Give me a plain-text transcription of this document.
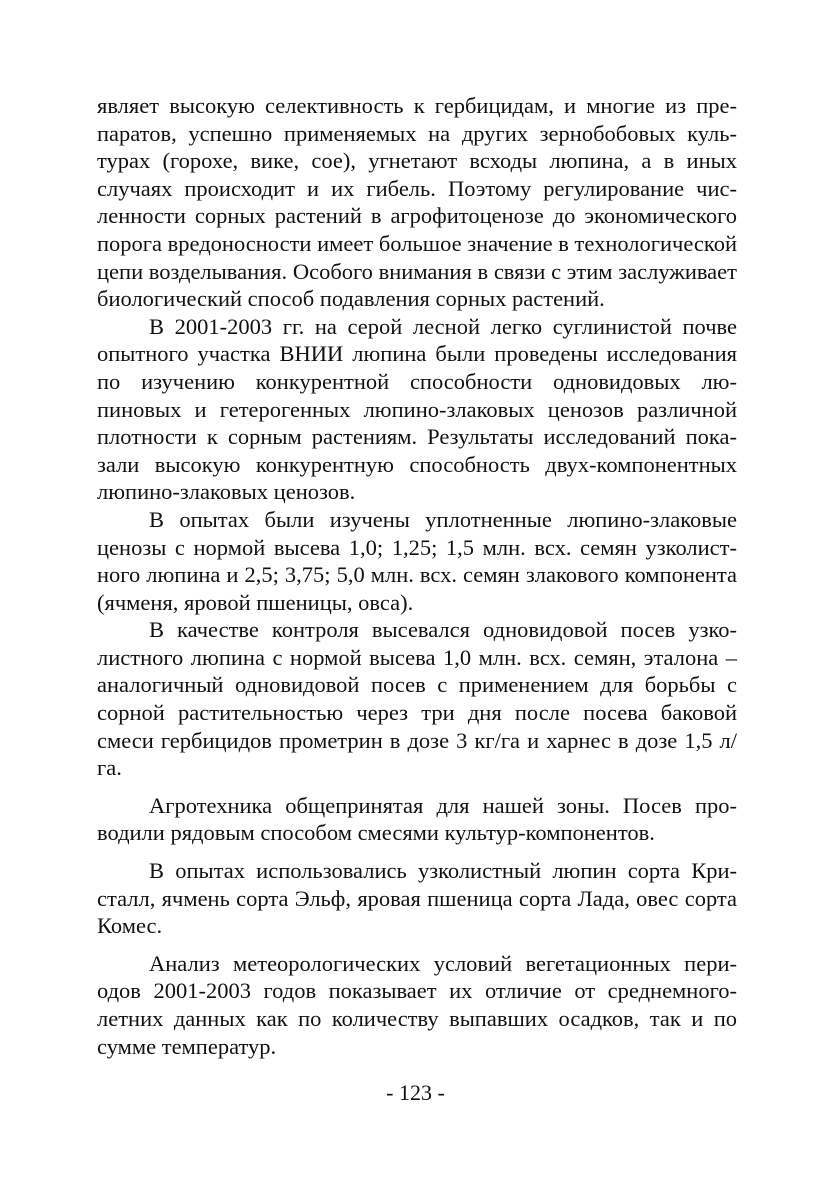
являет высокую селективность к гербицидам, и многие из препаратов, успешно применяемых на других зернобобовых культурах (горохе, вике, сое), угнетают всходы люпина, а в иных случаях происходит и их гибель. Поэтому регулирование численности сорных растений в агрофитоценозе до экономического порога вредоносности имеет большое значение в технологической цепи возделывания. Особого внимания в связи с этим заслуживает биологический способ подавления сорных растений.

В 2001-2003 гг. на серой лесной легко суглинистой почве опытного участка ВНИИ люпина были проведены исследования по изучению конкурентной способности одновидовых люпиновых и гетерогенных люпино-злаковых ценозов различной плотности к сорным растениям. Результаты исследований показали высокую конкурентную способность двух-компонентных люпино-злаковых ценозов.

В опытах были изучены уплотненные люпино-злаковые ценозы с нормой высева 1,0; 1,25; 1,5 млн. всх. семян узколистного люпина и 2,5; 3,75; 5,0 млн. всх. семян злакового компонента (ячменя, яровой пшеницы, овса).

В качестве контроля высевался одновидовой посев узколистного люпина с нормой высева 1,0 млн. всх. семян, эталона – аналогичный одновидовой посев с применением для борьбы с сорной растительностью через три дня после посева баковой смеси гербицидов прометрин в дозе 3 кг/га и харнес в дозе 1,5 л/га.

Агротехника общепринятая для нашей зоны. Посев проводили рядовым способом смесями культур-компонентов.

В опытах использовались узколистный люпин сорта Кристалл, ячмень сорта Эльф, яровая пшеница сорта Лада, овес сорта Комес.

Анализ метеорологических условий вегетационных периодов 2001-2003 годов показывает их отличие от среднемноголетних данных как по количеству выпавших осадков, так и по сумме температур.

- 123 -
